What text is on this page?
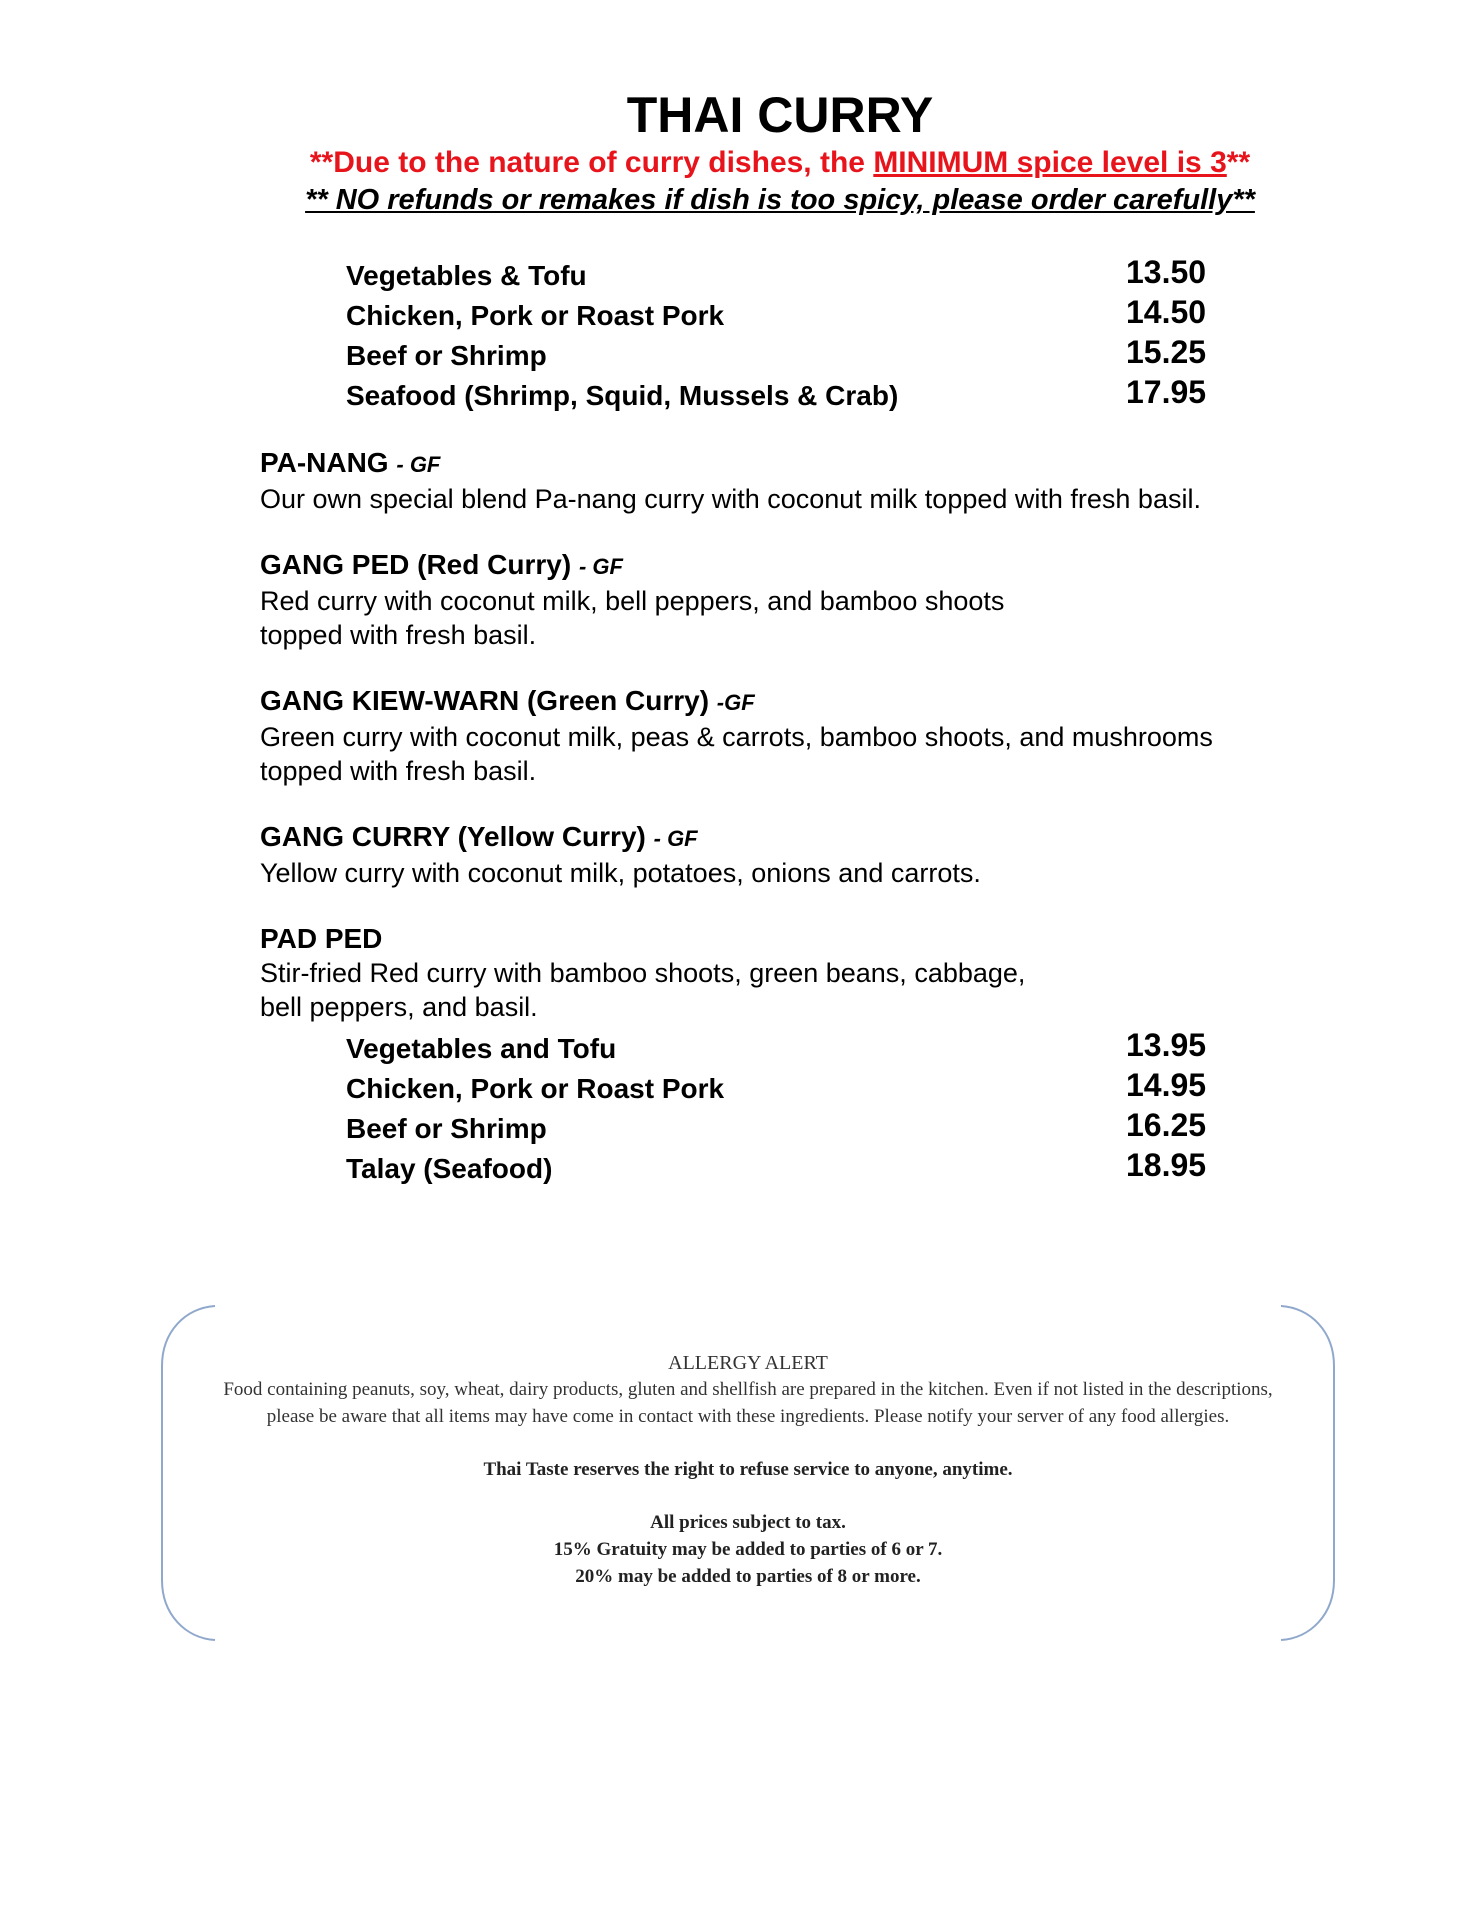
THAI CURRY
**Due to the nature of curry dishes, the MINIMUM spice level is 3**
** NO refunds or remakes if dish is too spicy, please order carefully**
Vegetables & Tofu	13.50
Chicken, Pork or Roast Pork	14.50
Beef or Shrimp	15.25
Seafood (Shrimp, Squid, Mussels & Crab)	17.95
PA-NANG - GF
Our own special blend Pa-nang curry with coconut milk topped with fresh basil.
GANG PED (Red Curry) - GF
Red curry with coconut milk, bell peppers, and bamboo shoots
topped with fresh basil.
GANG KIEW-WARN (Green Curry) -GF
Green curry with coconut milk, peas & carrots, bamboo shoots, and mushrooms
topped with fresh basil.
GANG CURRY (Yellow Curry) - GF
Yellow curry with coconut milk, potatoes, onions and carrots.
PAD PED
Stir-fried Red curry with bamboo shoots, green beans, cabbage,
bell peppers, and basil.
Vegetables and Tofu	13.95
Chicken, Pork or Roast Pork	14.95
Beef or Shrimp	16.25
Talay (Seafood)	18.95
ALLERGY ALERT
Food containing peanuts, soy, wheat, dairy products, gluten and shellfish are prepared in the kitchen. Even if not listed in the descriptions, please be aware that all items may have come in contact with these ingredients. Please notify your server of any food allergies.
Thai Taste reserves the right to refuse service to anyone, anytime.
All prices subject to tax.
15% Gratuity may be added to parties of 6 or 7.
20% may be added to parties of 8 or more.
